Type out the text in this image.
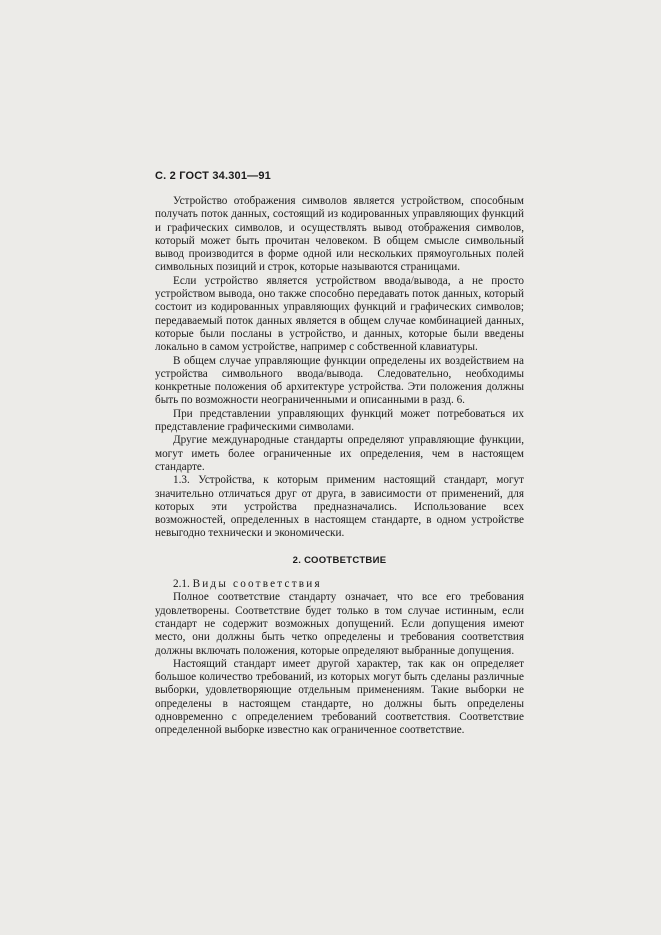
С. 2 ГОСТ 34.301—91

Устройство отображения символов является устройством, способным получать поток данных, состоящий из кодированных управляющих функций и графических символов, и осуществлять вывод отображения символов, который может быть прочитан человеком. В общем смысле символьный вывод производится в форме одной или нескольких прямоугольных полей символьных позиций и строк, которые называются страницами.

Если устройство является устройством ввода/вывода, а не просто устройством вывода, оно также способно передавать поток данных, который состоит из кодированных управляющих функций и графических символов; передаваемый поток данных является в общем случае комбинацией данных, которые были посланы в устройство, и данных, которые были введены локально в самом устройстве, например с собственной клавиатуры.

В общем случае управляющие функции определены их воздействием на устройства символьного ввода/вывода. Следовательно, необходимы конкретные положения об архитектуре устройства. Эти положения должны быть по возможности неограниченными и описанными в разд. 6.

При представлении управляющих функций может потребоваться их представление графическими символами.

Другие международные стандарты определяют управляющие функции, могут иметь более ограниченные их определения, чем в настоящем стандарте.

1.3. Устройства, к которым применим настоящий стандарт, могут значительно отличаться друг от друга, в зависимости от применений, для которых эти устройства предназначались. Использование всех возможностей, определенных в настоящем стандарте, в одном устройстве невыгодно технически и экономически.

2. СООТВЕТСТВИЕ

2.1. Виды соответствия

Полное соответствие стандарту означает, что все его требования удовлетворены. Соответствие будет только в том случае истинным, если стандарт не содержит возможных допущений. Если допущения имеют место, они должны быть четко определены и требования соответствия должны включать положения, которые определяют выбранные допущения.

Настоящий стандарт имеет другой характер, так как он определяет большое количество требований, из которых могут быть сделаны различные выборки, удовлетворяющие отдельным применениям. Такие выборки не определены в настоящем стандарте, но должны быть определены одновременно с определением требований соответствия. Соответствие определенной выборке известно как ограниченное соответствие.
